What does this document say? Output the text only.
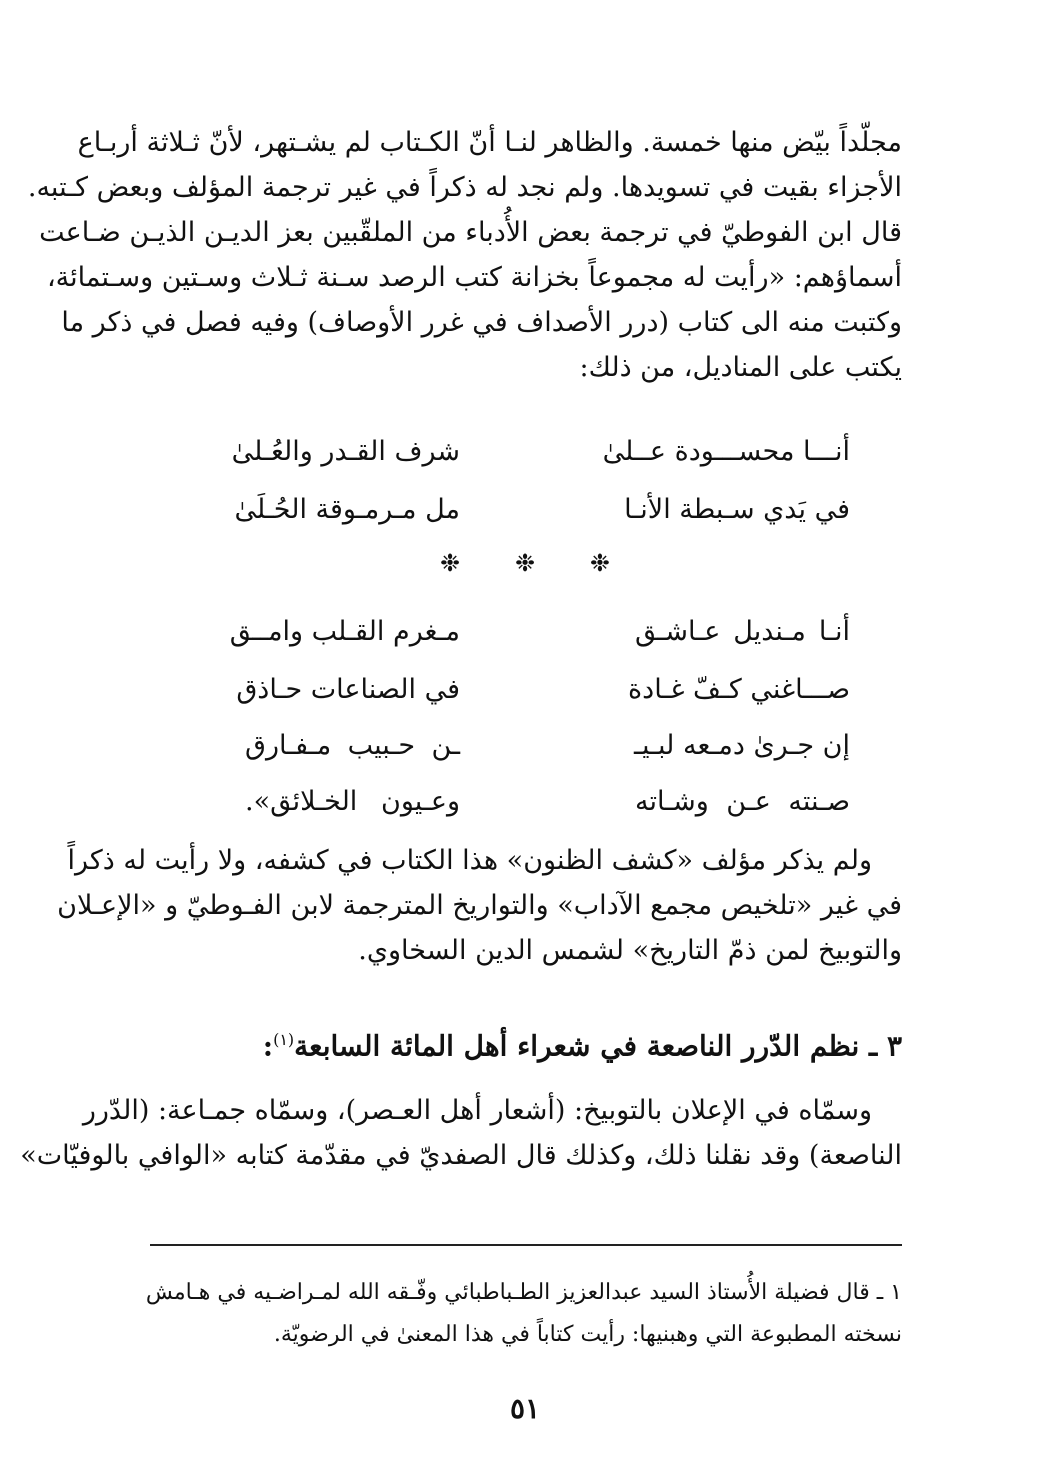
مجلّداً بيّض منها خمسة. والظاهر لنـا أنّ الكـتاب لم يشـتهر، لأنّ ثـلاثة أربـاع
الأجزاء بقيت في تسويدها. ولم نجد له ذكراً في غير ترجمة المؤلف وبعض كـتبه.
قال ابن الفوطيّ في ترجمة بعض الأُدباء من الملقّبين بعز الديـن الذيـن ضـاعت
أسماؤهم: «رأيت له مجموعاً بخزانة كتب الرصد سـنة ثـلاث وسـتين وسـتمائة،
وكتبت منه الى كتاب (درر الأصداف في غرر الأوصاف) وفيه فصل في ذكر ما
يكتب على المناديل، من ذلك:
أنـــا محســـودة عــلىٰ
شرف القـدر والعُـلىٰ
في يَدي سـبطة الأنـا
مل مـرمـوقة الحُـلَىٰ
❉
❉
❉
أنـا مـنديل عـاشـق
مـغرم القـلب وامــق
صـــاغني كـفّ غـادة
في الصناعات حـاذق
إن جـرىٰ دمـعه لبـيـ
ـن حـبيب مـفـارق
صـنته عـن وشـاته
وعـيون الخـلائق».
ولم يذكر مؤلف «كشف الظنون» هذا الكتاب في كشفه، ولا رأيت له ذكراً
في غير «تلخيص مجمع الآداب» والتواريخ المترجمة لابن الفـوطيّ و «الإعـلان
والتوبيخ لمن ذمّ التاريخ» لشمس الدين السخاوي.
٣ ـ نظم الدّرر الناصعة في شعراء أهل المائة السابعة$^{(١)}$:
وسمّاه في الإعلان بالتوبيخ: (أشعار أهل العـصر)، وسمّاه جمـاعة: (الدّرر
الناصعة) وقد نقلنا ذلك، وكذلك قال الصفديّ في مقدّمة كتابه «الوافي بالوفيّات»
١ ـ قال فضيلة الأُستاذ السيد عبدالعزيز الطـباطبائي وفّـقه الله لمـراضـيه في هـامش
نسخته المطبوعة التي وهبنيها: رأيت كتاباً في هذا المعنىٰ في الرضويّة.
٥١
